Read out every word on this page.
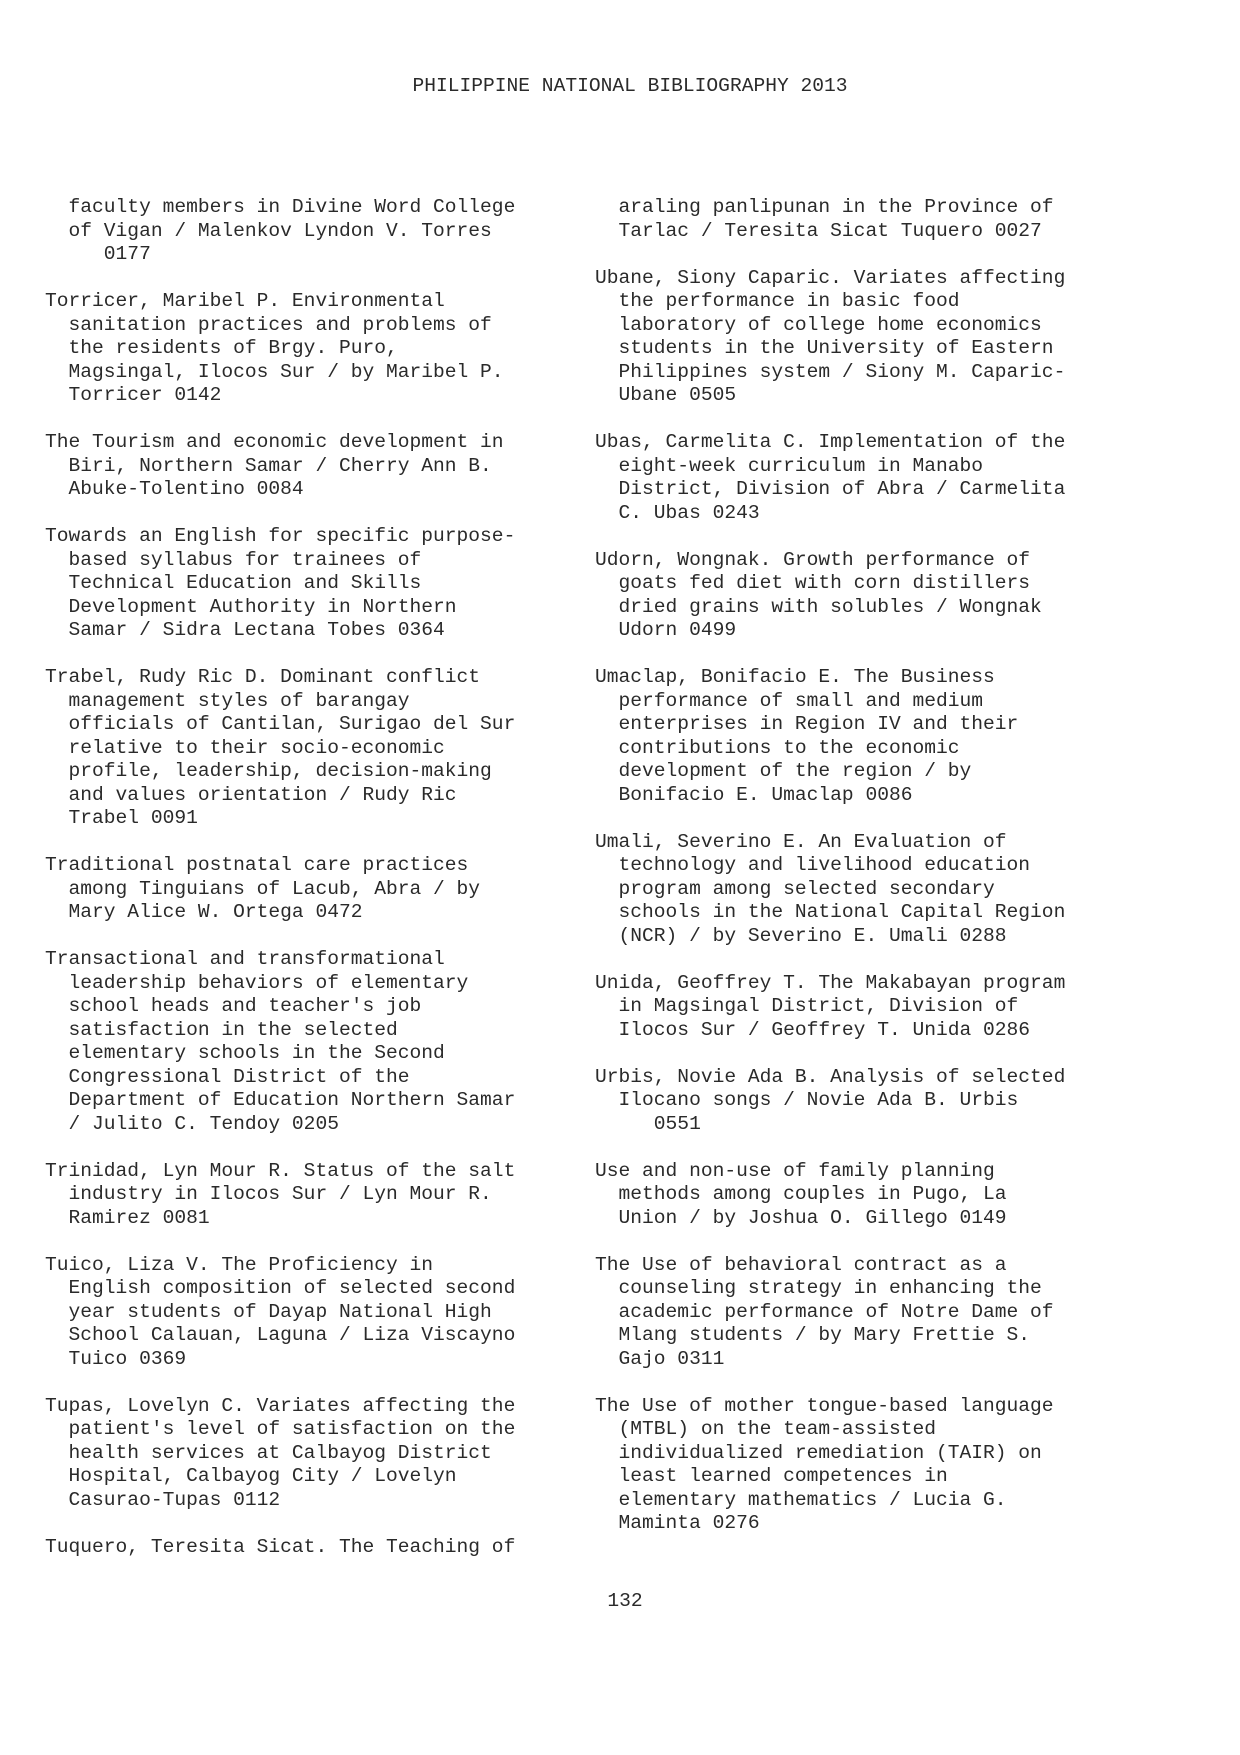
PHILIPPINE NATIONAL BIBLIOGRAPHY 2013
faculty members in Divine Word College
of Vigan / Malenkov Lyndon V. Torres
0177
Torricer, Maribel P. Environmental
sanitation practices and problems of
the residents of Brgy. Puro,
Magsingal, Ilocos Sur / by Maribel P.
Torricer 0142
The Tourism and economic development in
Biri, Northern Samar / Cherry Ann B.
Abuke-Tolentino 0084
Towards an English for specific purpose-
based syllabus for trainees of
Technical Education and Skills
Development Authority in Northern
Samar / Sidra Lectana Tobes 0364
Trabel, Rudy Ric D. Dominant conflict
management styles of barangay
officials of Cantilan, Surigao del Sur
relative to their socio-economic
profile, leadership, decision-making
and values orientation / Rudy Ric
Trabel 0091
Traditional postnatal care practices
among Tinguians of Lacub, Abra / by
Mary Alice W. Ortega 0472
Transactional and transformational
leadership behaviors of elementary
school heads and teacher's job
satisfaction in the selected
elementary schools in the Second
Congressional District of the
Department of Education Northern Samar
/ Julito C. Tendoy 0205
Trinidad, Lyn Mour R. Status of the salt
industry in Ilocos Sur / Lyn Mour R.
Ramirez 0081
Tuico, Liza V. The Proficiency in
English composition of selected second
year students of Dayap National High
School Calauan, Laguna / Liza Viscayno
Tuico 0369
Tupas, Lovelyn C. Variates affecting the
patient's level of satisfaction on the
health services at Calbayog District
Hospital, Calbayog City / Lovelyn
Casurao-Tupas 0112
Tuquero, Teresita Sicat. The Teaching of
araling panlipunan in the Province of
Tarlac / Teresita Sicat Tuquero 0027
Ubane, Siony Caparic. Variates affecting
the performance in basic food
laboratory of college home economics
students in the University of Eastern
Philippines system / Siony M. Caparic-
Ubane 0505
Ubas, Carmelita C. Implementation of the
eight-week curriculum in Manabo
District, Division of Abra / Carmelita
C. Ubas 0243
Udorn, Wongnak. Growth performance of
goats fed diet with corn distillers
dried grains with solubles / Wongnak
Udorn 0499
Umaclap, Bonifacio E. The Business
performance of small and medium
enterprises in Region IV and their
contributions to the economic
development of the region / by
Bonifacio E. Umaclap 0086
Umali, Severino E. An Evaluation of
technology and livelihood education
program among selected secondary
schools in the National Capital Region
(NCR) / by Severino E. Umali 0288
Unida, Geoffrey T. The Makabayan program
in Magsingal District, Division of
Ilocos Sur / Geoffrey T. Unida 0286
Urbis, Novie Ada B. Analysis of selected
Ilocano songs / Novie Ada B. Urbis
0551
Use and non-use of family planning
methods among couples in Pugo, La
Union / by Joshua O. Gillego 0149
The Use of behavioral contract as a
counseling strategy in enhancing the
academic performance of Notre Dame of
Mlang students / by Mary Frettie S.
Gajo 0311
The Use of mother tongue-based language
(MTBL) on the team-assisted
individualized remediation (TAIR) on
least learned competences in
elementary mathematics / Lucia G.
Maminta 0276
132
